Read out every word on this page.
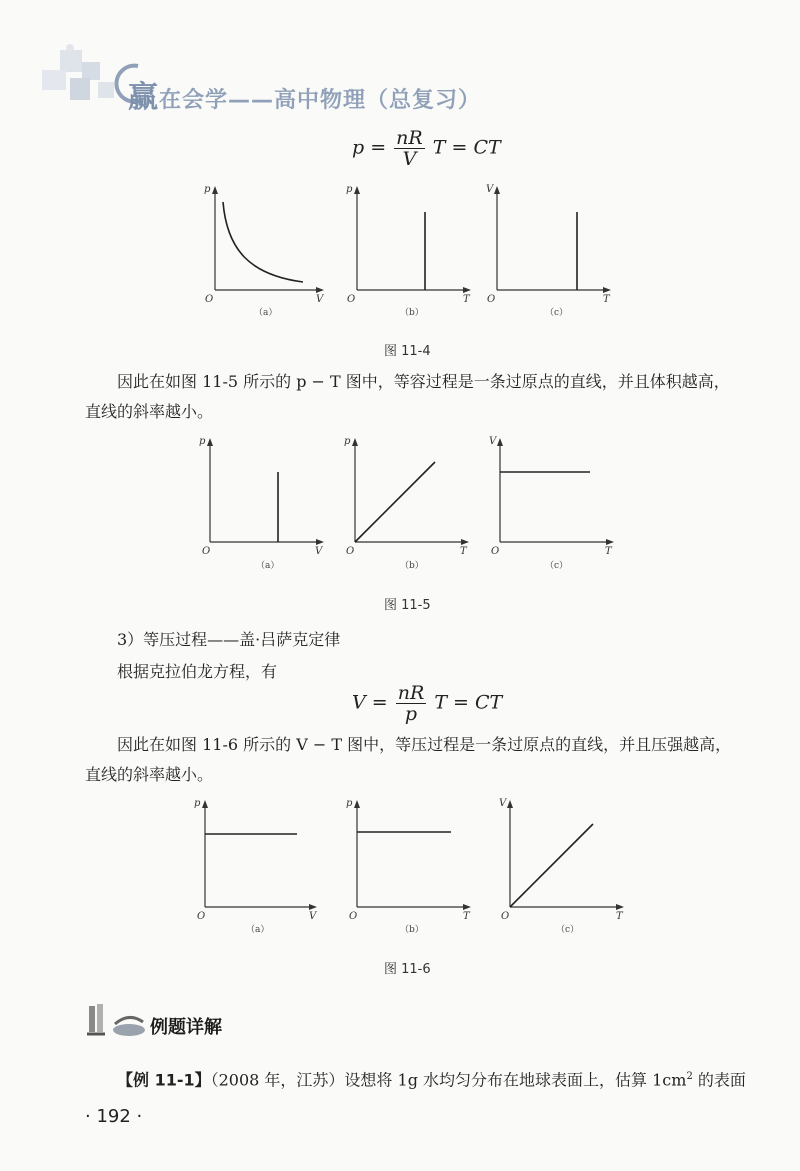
赢在会学——高中物理（总复习）
$p = \frac{nR}{V}$ T = CT
p
V
O
p
T
O
V
T
O
（a）	（b）	（c）
图 11-4
因此在如图 11-5 所示的 p − T 图中，等容过程是一条过原点的直线，并且体积越高，
直线的斜率越小。
p
V
O
p
T
O
V
T
O
（a）	（b）	（c）
图 11-5
3）等压过程——盖·吕萨克定律
根据克拉伯龙方程，有
$V = \frac{nR}{p}$ T = CT
因此在如图 11-6 所示的 V − T 图中，等压过程是一条过原点的直线，并且压强越高，
直线的斜率越小。
p
V
O
p
T
O
V
T
O
（a）	（b）	（c）
图 11-6
例题详解
【例 11-1】（2008 年，江苏）设想将 1g 水均匀分布在地球表面上，估算 $1cm^2$ 的表面
· 192 ·
